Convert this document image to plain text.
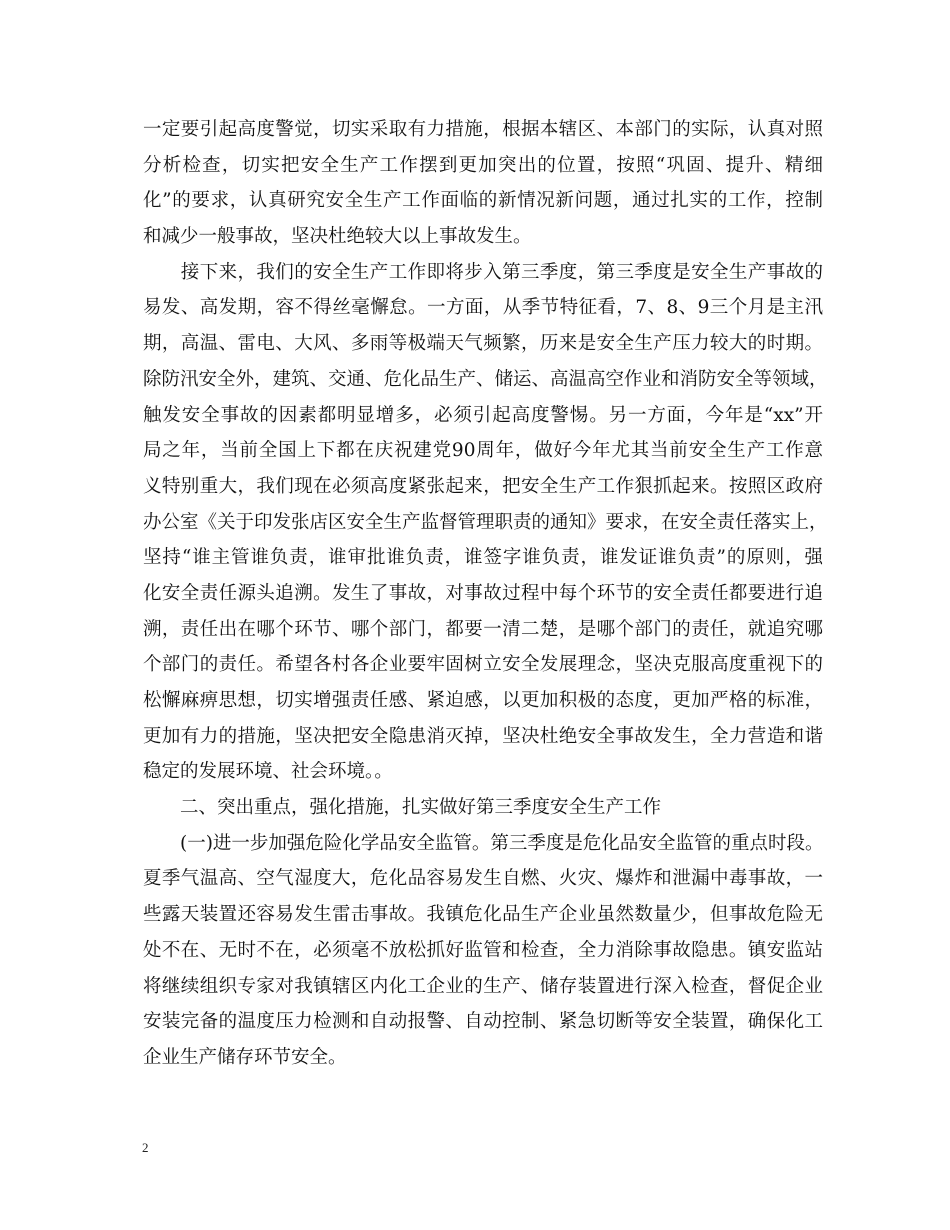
一定要引起高度警觉，切实采取有力措施，根据本辖区、本部门的实际，认真对照
分析检查，切实把安全生产工作摆到更加突出的位置，按照“巩固、提升、精细
化”的要求，认真研究安全生产工作面临的新情况新问题，通过扎实的工作，控制
和减少一般事故，坚决杜绝较大以上事故发生。
　　接下来，我们的安全生产工作即将步入第三季度，第三季度是安全生产事故的
易发、高发期，容不得丝毫懈怠。一方面，从季节特征看，7、8、9三个月是主汛
期，高温、雷电、大风、多雨等极端天气频繁，历来是安全生产压力较大的时期。
除防汛安全外，建筑、交通、危化品生产、储运、高温高空作业和消防安全等领域，
触发安全事故的因素都明显增多，必须引起高度警惕。另一方面，今年是“xx”开
局之年，当前全国上下都在庆祝建党90周年，做好今年尤其当前安全生产工作意
义特别重大，我们现在必须高度紧张起来，把安全生产工作狠抓起来。按照区政府
办公室《关于印发张店区安全生产监督管理职责的通知》要求，在安全责任落实上，
坚持“谁主管谁负责，谁审批谁负责，谁签字谁负责，谁发证谁负责”的原则，强
化安全责任源头追溯。发生了事故，对事故过程中每个环节的安全责任都要进行追
溯，责任出在哪个环节、哪个部门，都要一清二楚，是哪个部门的责任，就追究哪
个部门的责任。希望各村各企业要牢固树立安全发展理念，坚决克服高度重视下的
松懈麻痹思想，切实增强责任感、紧迫感，以更加积极的态度，更加严格的标准，
更加有力的措施，坚决把安全隐患消灭掉，坚决杜绝安全事故发生，全力营造和谐
稳定的发展环境、社会环境。。
　　二、突出重点，强化措施，扎实做好第三季度安全生产工作
　　(一)进一步加强危险化学品安全监管。第三季度是危化品安全监管的重点时段。
夏季气温高、空气湿度大，危化品容易发生自燃、火灾、爆炸和泄漏中毒事故，一
些露天装置还容易发生雷击事故。我镇危化品生产企业虽然数量少，但事故危险无
处不在、无时不在，必须毫不放松抓好监管和检查，全力消除事故隐患。镇安监站
将继续组织专家对我镇辖区内化工企业的生产、储存装置进行深入检查，督促企业
安装完备的温度压力检测和自动报警、自动控制、紧急切断等安全装置，确保化工
企业生产储存环节安全。
2
